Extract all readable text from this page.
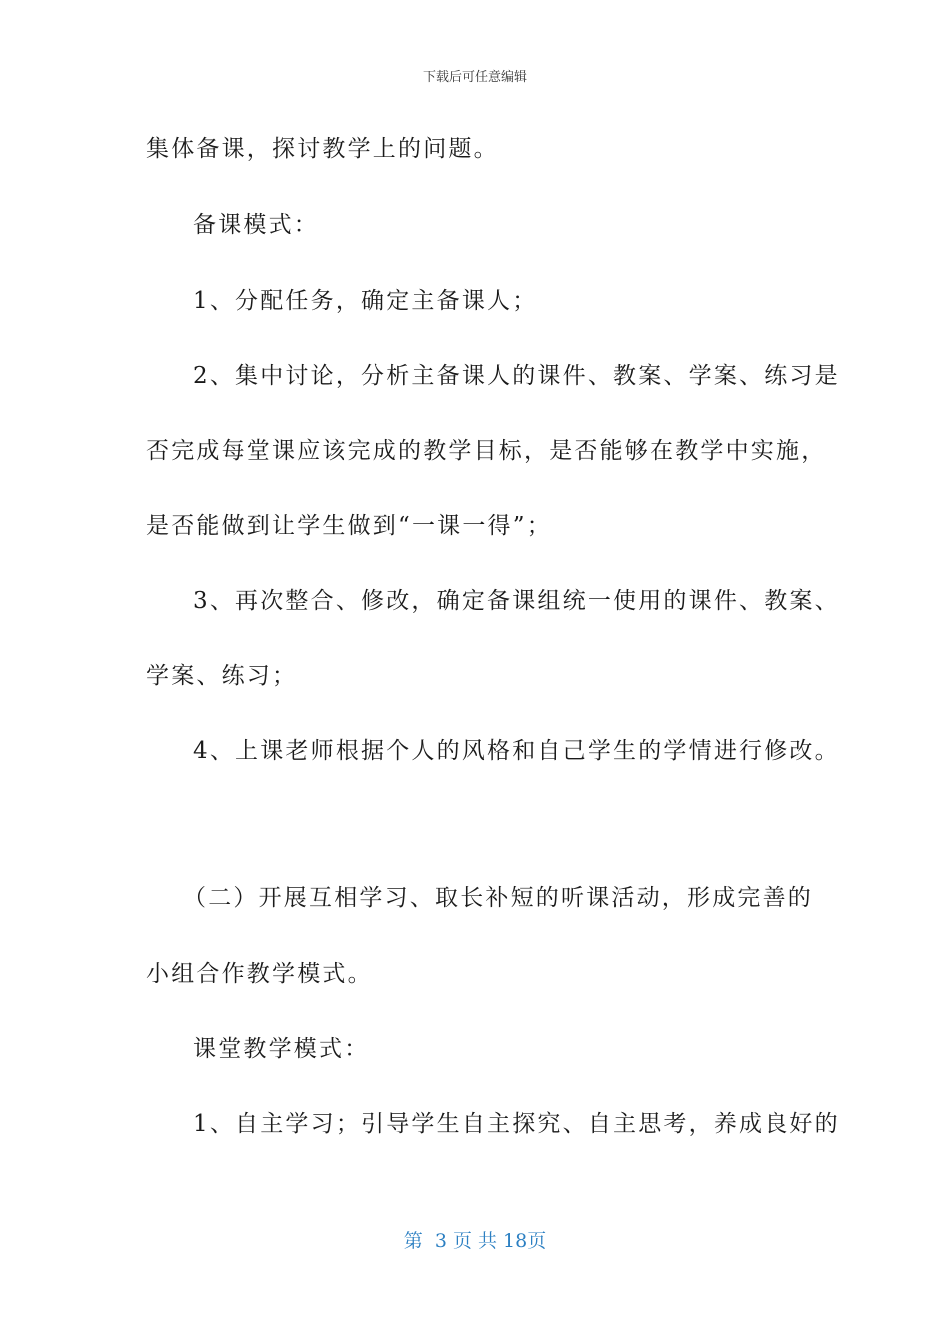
下载后可任意编辑
集体备课，探讨教学上的问题。
备课模式：
1、分配任务，确定主备课人；
2、集中讨论，分析主备课人的课件、教案、学案、练习是
否完成每堂课应该完成的教学目标，是否能够在教学中实施，
是否能做到让学生做到“一课一得”；
3、再次整合、修改，确定备课组统一使用的课件、教案、
学案、练习；
4、上课老师根据个人的风格和自己学生的学情进行修改。
（二）开展互相学习、取长补短的听课活动，形成完善的
小组合作教学模式。
课堂教学模式：
1、自主学习；引导学生自主探究、自主思考，养成良好的
第  3 页 共 18页
